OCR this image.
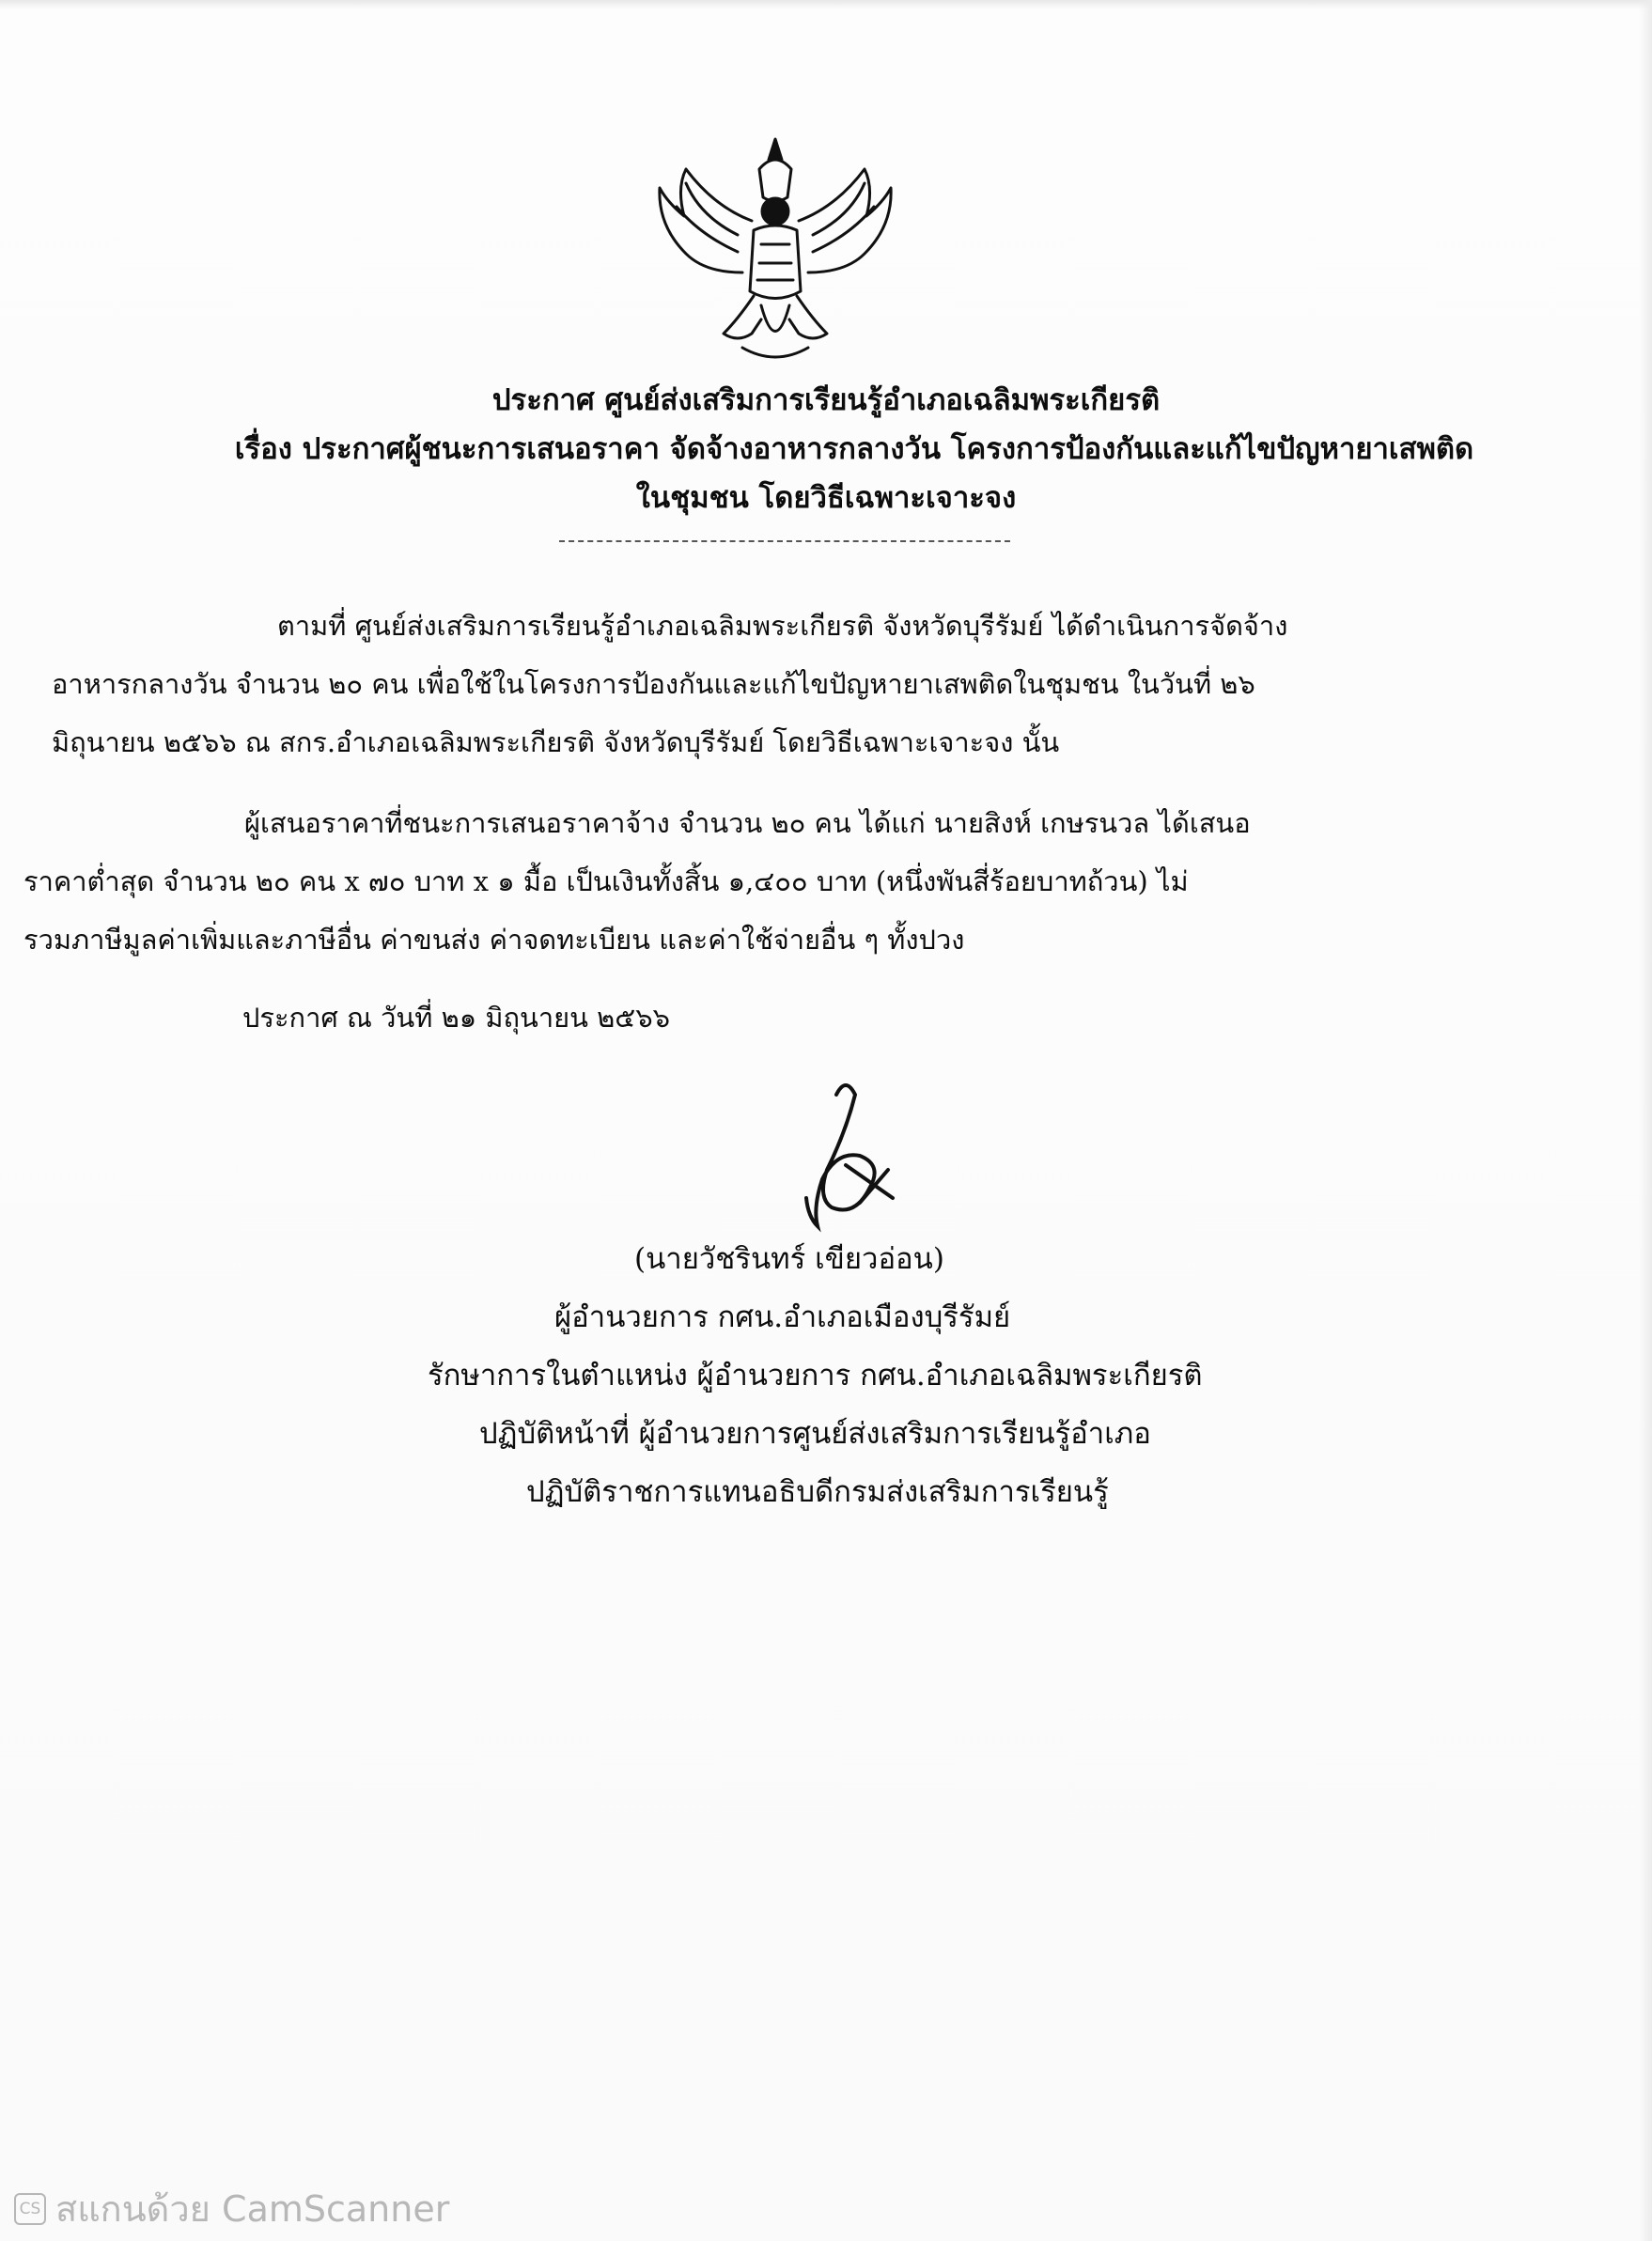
ประกาศ ศูนย์ส่งเสริมการเรียนรู้อำเภอเฉลิมพระเกียรติ
เรื่อง ประกาศผู้ชนะการเสนอราคา จัดจ้างอาหารกลางวัน โครงการป้องกันและแก้ไขปัญหายาเสพติด
ในชุมชน โดยวิธีเฉพาะเจาะจง
ตามที่ ศูนย์ส่งเสริมการเรียนรู้อำเภอเฉลิมพระเกียรติ จังหวัดบุรีรัมย์ ได้ดำเนินการจัดจ้าง
อาหารกลางวัน จำนวน ๒๐ คน เพื่อใช้ในโครงการป้องกันและแก้ไขปัญหายาเสพติดในชุมชน ในวันที่ ๒๖
มิถุนายน ๒๕๖๖ ณ สกร.อำเภอเฉลิมพระเกียรติ จังหวัดบุรีรัมย์ โดยวิธีเฉพาะเจาะจง นั้น
ผู้เสนอราคาที่ชนะการเสนอราคาจ้าง จำนวน ๒๐ คน ได้แก่ นายสิงห์ เกษรนวล ได้เสนอ
ราคาต่ำสุด จำนวน ๒๐ คน x ๗๐ บาท x ๑ มื้อ เป็นเงินทั้งสิ้น ๑,๔๐๐ บาท (หนึ่งพันสี่ร้อยบาทถ้วน) ไม่
รวมภาษีมูลค่าเพิ่มและภาษีอื่น ค่าขนส่ง ค่าจดทะเบียน และค่าใช้จ่ายอื่น ๆ ทั้งปวง
ประกาศ ณ วันที่ ๒๑ มิถุนายน ๒๕๖๖
(นายวัชรินทร์ เขียวอ่อน)
ผู้อำนวยการ กศน.อำเภอเมืองบุรีรัมย์
รักษาการในตำแหน่ง ผู้อำนวยการ กศน.อำเภอเฉลิมพระเกียรติ
ปฏิบัติหน้าที่ ผู้อำนวยการศูนย์ส่งเสริมการเรียนรู้อำเภอ
ปฏิบัติราชการแทนอธิบดีกรมส่งเสริมการเรียนรู้
CS สแกนด้วย CamScanner
